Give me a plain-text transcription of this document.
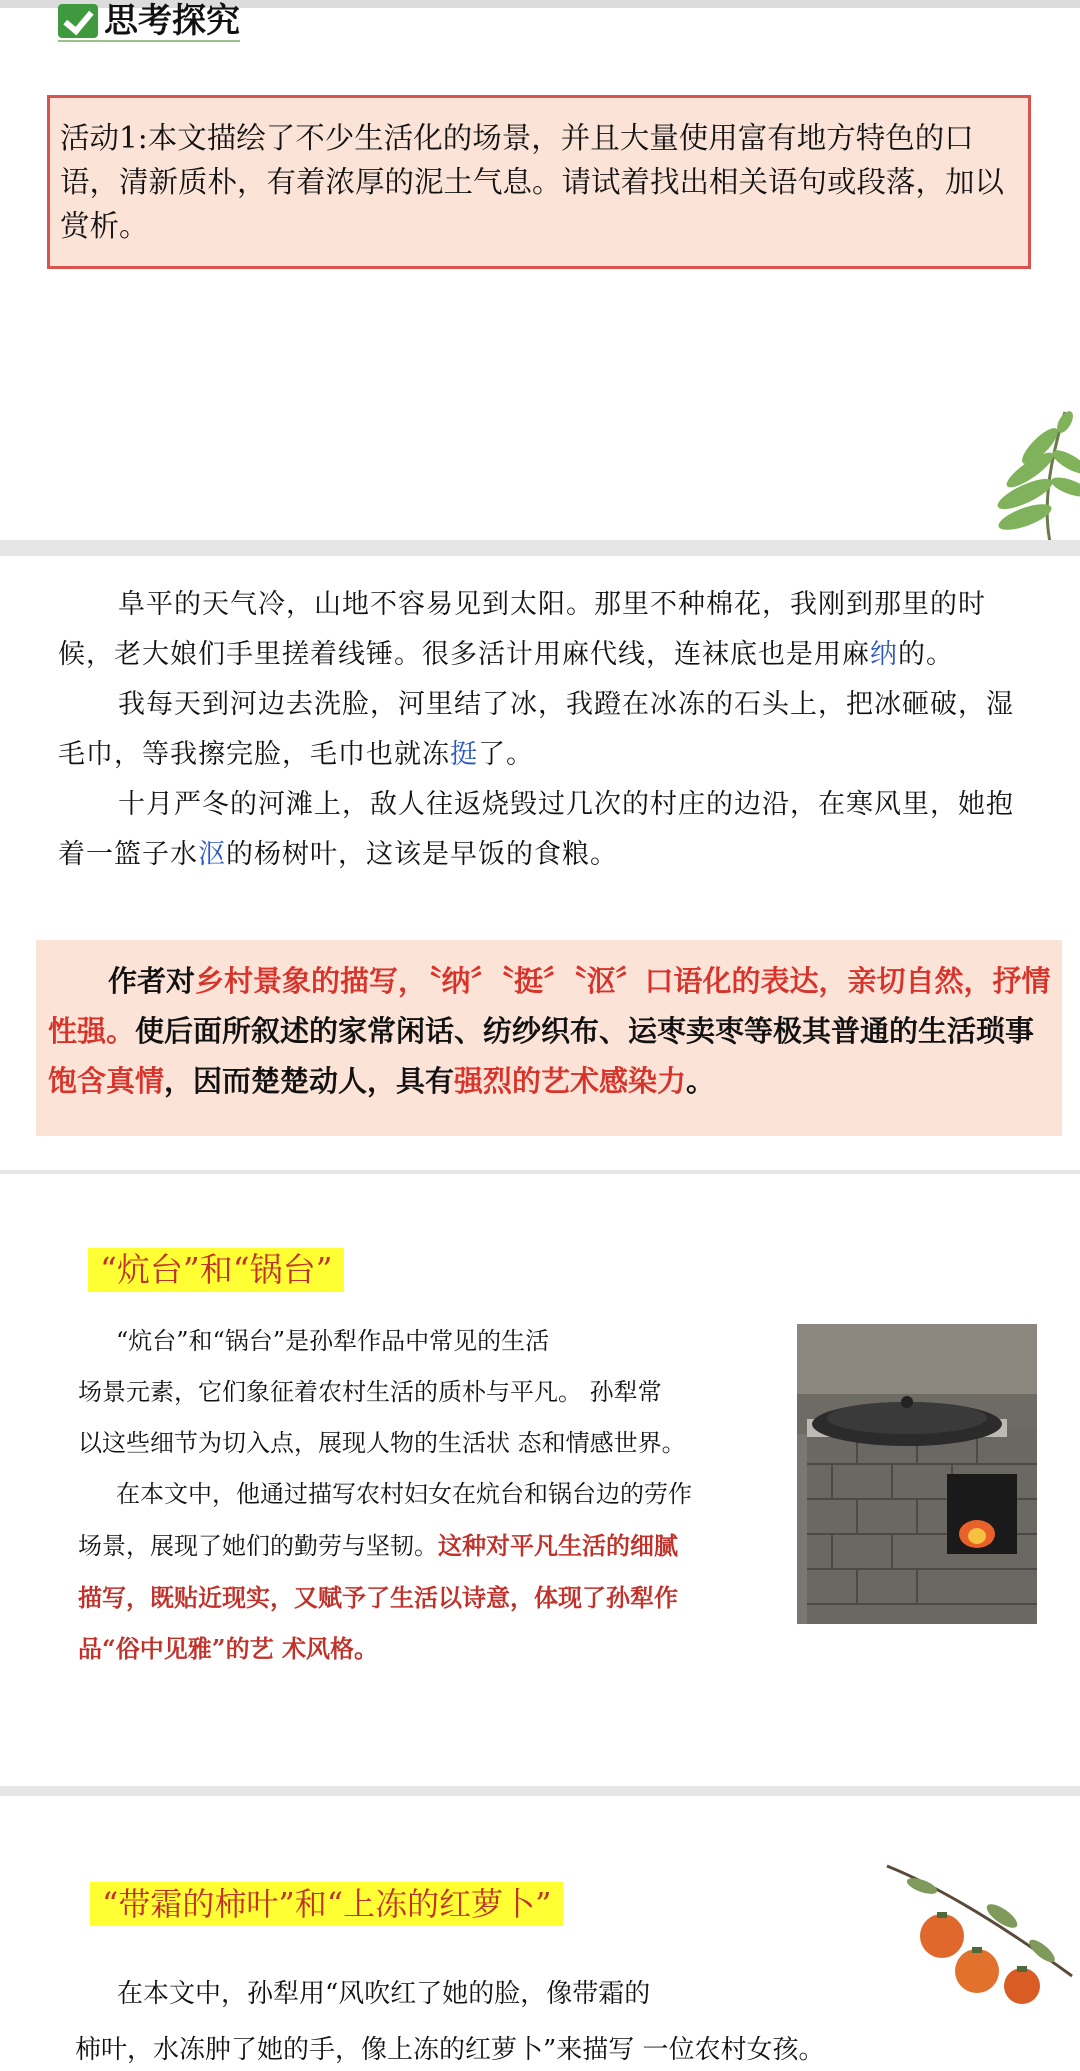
思考探究
活动1:本文描绘了不少生活化的场景，并且大量使用富有地方特色的口语，清新质朴，有着浓厚的泥土气息。请试着找出相关语句或段落，加以赏析。

阜平的天气冷，山地不容易见到太阳。那里不种棉花，我刚到那里的时候，老大娘们手里搓着线锤。很多活计用麻代线，连袜底也是用麻纳的。

我每天到河边去洗脸，河里结了冰，我蹬在冰冻的石头上，把冰砸破，湿毛巾，等我擦完脸，毛巾也就冻挺了。

十月严冬的河滩上，敌人往返烧毁过几次的村庄的边沿，在寒风里，她抱着一篮子水沤的杨树叶，这该是早饭的食粮。

作者对乡村景象的描写，〝纳〞〝挺〞〝沤〞口语化的表达，亲切自然，抒情性强。使后面所叙述的家常闲话、纺纱织布、运枣卖枣等极其普通的生活琐事饱含真情，因而楚楚动人，具有强烈的艺术感染力。
“炕台”和“锅台”

“炕台”和“锅台”是孙犁作品中常见的生活

场景元素，它们象征着农村生活的质朴与平凡。 孙犁常

以这些细节为切入点，展现人物的生活状 态和情感世界。

在本文中，他通过描写农村妇女在炕台和锅台边的劳作

场景，展现了她们的勤劳与坚韧。这种对平凡生活的细腻

描写，既贴近现实，又赋予了生活以诗意，体现了孙犁作

品“俗中见雅”的艺 术风格。

“带霜的柿叶”和“上冻的红萝卜”

在本文中，孙犁用“风吹红了她的脸，像带霜的

柿叶，水冻肿了她的手，像上冻的红萝卜”来描写 一位农村女孩。
